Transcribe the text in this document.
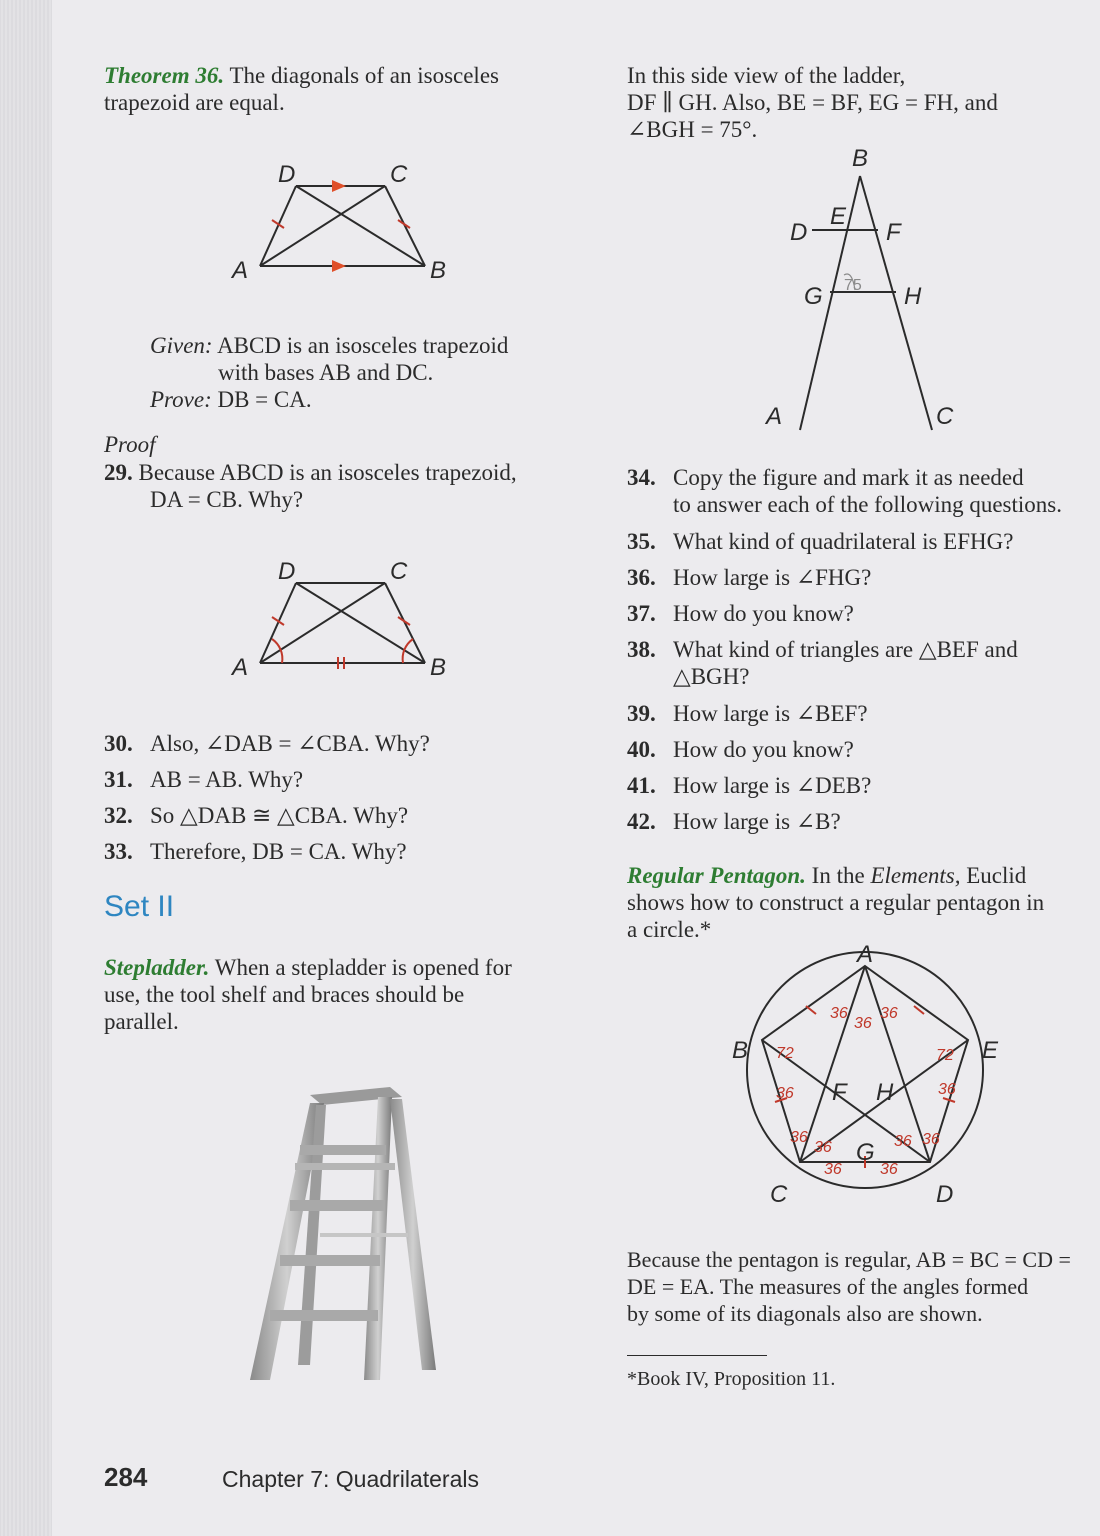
Theorem 36. The diagonals of an isosceles
trapezoid are equal.
D	C
A	B
Given: ABCD is an isosceles trapezoid
with bases AB and DC.
Prove: DB = CA.
Proof
29. Because ABCD is an isosceles trapezoid,
DA = CB. Why?
D	C
A	B
30. Also, ∠DAB = ∠CBA. Why?
31. AB = AB. Why?
32. So △DAB ≅ △CBA. Why?
33. Therefore, DB = CA. Why?
Set II
Stepladder. When a stepladder is opened for
use, the tool shelf and braces should be
parallel.
In this side view of the ladder,
DF ∥ GH. Also, BE = BF, EG = FH, and
∠BGH = 75°.
75
B
D
E
F
G	H
A	C
34. Copy the figure and mark it as needed
to answer each of the following questions.
35. What kind of quadrilateral is EFHG?
36. How large is ∠FHG?
37. How do you know?
38. What kind of triangles are △BEF and
△BGH?
39. How large is ∠BEF?
40. How do you know?
41. How large is ∠DEB?
42. How large is ∠B?
Regular Pentagon. In the Elements, Euclid
shows how to construct a regular pentagon in
a circle.*
36
36
36
72	72
36	36
36
36	36 36
36 36
A
B	E
C	D
F H
G
Because the pentagon is regular, AB = BC = CD =
DE = EA. The measures of the angles formed
by some of its diagonals also are shown.
*Book IV, Proposition 11.
284	Chapter 7: Quadrilaterals
